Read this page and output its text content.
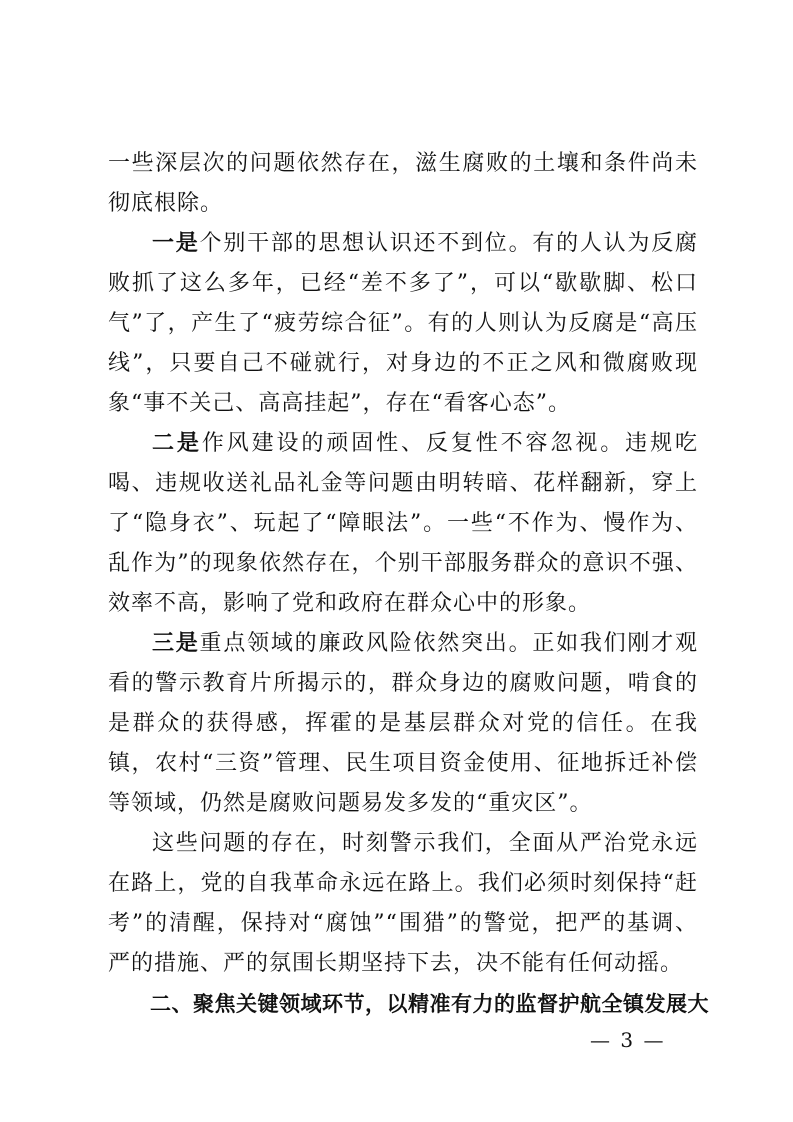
一些深层次的问题依然存在，滋生腐败的土壤和条件尚未彻底根除。

一是个别干部的思想认识还不到位。有的人认为反腐败抓了这么多年，已经“差不多了”，可以“歇歇脚、松口气”了，产生了“疲劳综合征”。有的人则认为反腐是“高压线”，只要自己不碰就行，对身边的不正之风和微腐败现象“事不关己、高高挂起”，存在“看客心态”。

二是作风建设的顽固性、反复性不容忽视。违规吃喝、违规收送礼品礼金等问题由明转暗、花样翻新，穿上了“隐身衣”、玩起了“障眼法”。一些“不作为、慢作为、乱作为”的现象依然存在，个别干部服务群众的意识不强、效率不高，影响了党和政府在群众心中的形象。

三是重点领域的廉政风险依然突出。正如我们刚才观看的警示教育片所揭示的，群众身边的腐败问题，啃食的是群众的获得感，挥霍的是基层群众对党的信任。在我镇，农村“三资”管理、民生项目资金使用、征地拆迁补偿等领域，仍然是腐败问题易发多发的“重灾区”。

这些问题的存在，时刻警示我们，全面从严治党永远在路上，党的自我革命永远在路上。我们必须时刻保持“赶考”的清醒，保持对“腐蚀”“围猎”的警觉，把严的基调、严的措施、严的氛围长期坚持下去，决不能有任何动摇。

二、聚焦关键领域环节，以精准有力的监督护航全镇发展大

— 3 —
